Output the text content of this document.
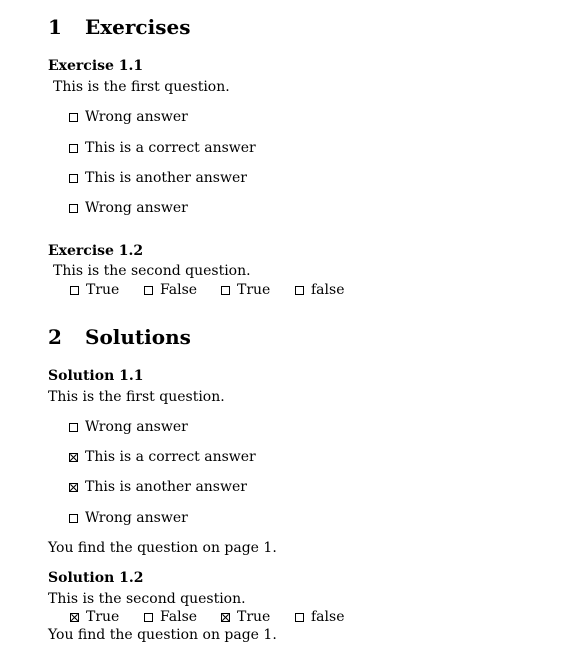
1 Exercises
Exercise 1.1
This is the first question.
Wrong answer
This is a correct answer
This is another answer
Wrong answer
Exercise 1.2
This is the second question.
True	False	True	false
2 Solutions
Solution 1.1
This is the first question.
Wrong answer
This is a correct answer
This is another answer
Wrong answer
You find the question on page 1.
Solution 1.2
This is the second question.
True	False	True	false
You find the question on page 1.
